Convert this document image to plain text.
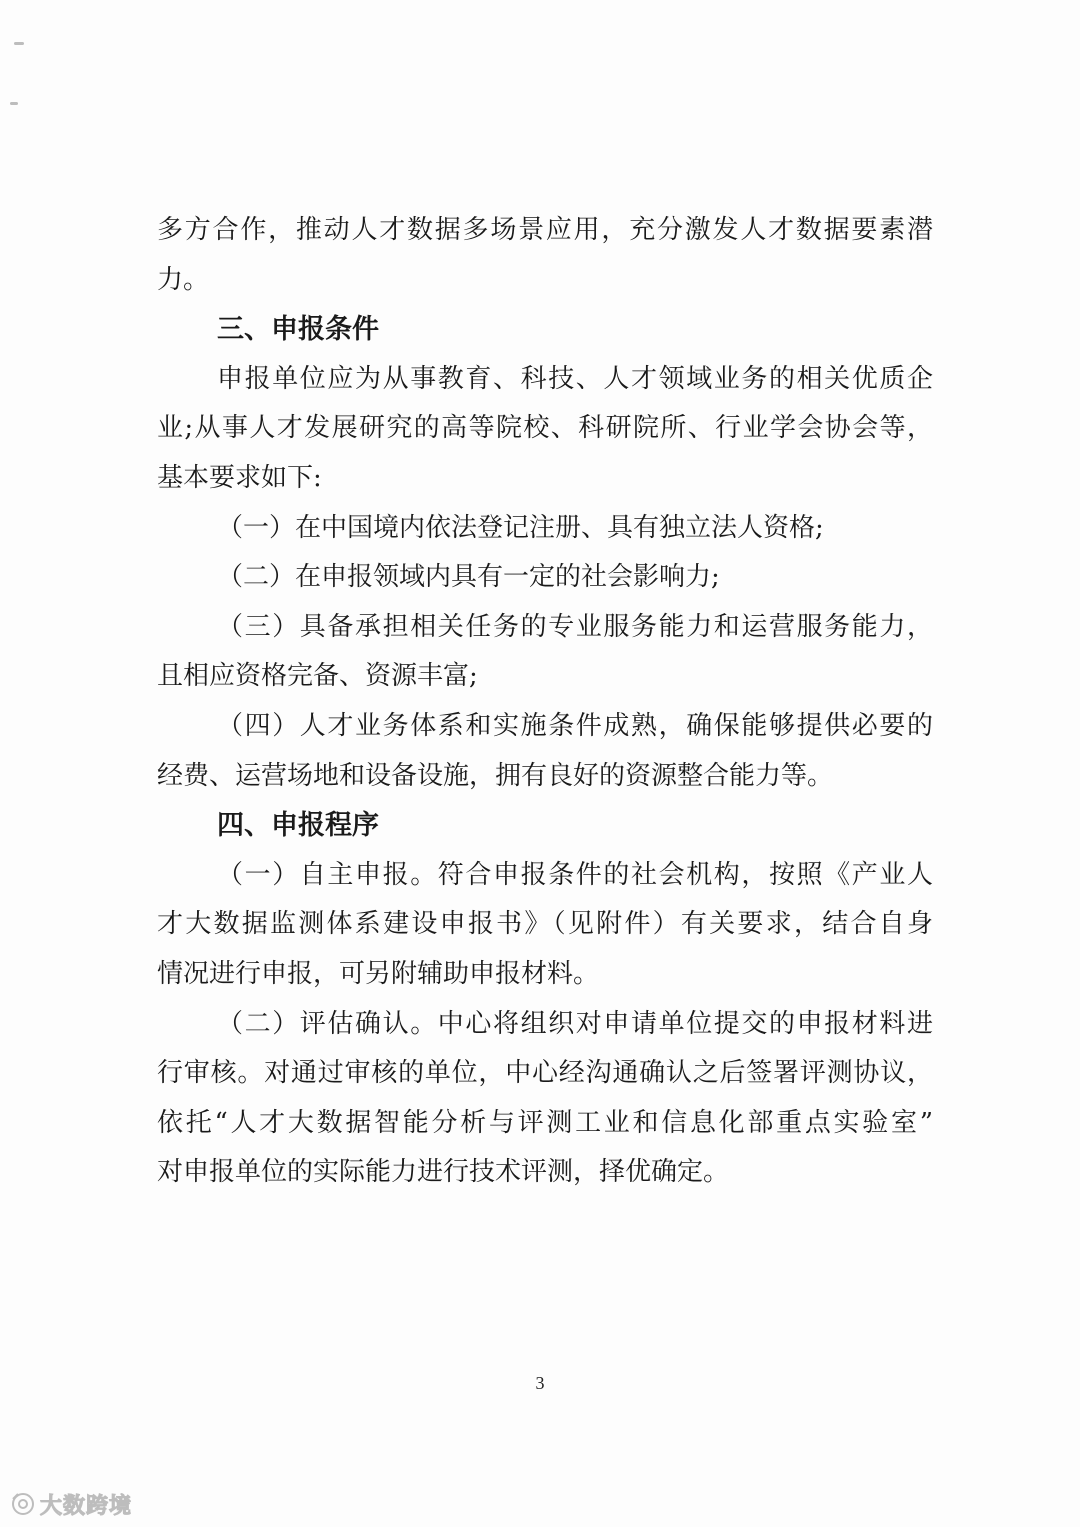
多方合作，推动人才数据多场景应用，充分激发人才数据要素潜
力。
三、申报条件
申报单位应为从事教育、科技、人才领域业务的相关优质企
业;从事人才发展研究的高等院校、科研院所、行业学会协会等，
基本要求如下:
（一）在中国境内依法登记注册、具有独立法人资格;
（二）在申报领域内具有一定的社会影响力;
（三）具备承担相关任务的专业服务能力和运营服务能力，
且相应资格完备、资源丰富;
（四）人才业务体系和实施条件成熟，确保能够提供必要的
经费、运营场地和设备设施，拥有良好的资源整合能力等。
四、申报程序
（一）自主申报。符合申报条件的社会机构，按照《产业人
才大数据监测体系建设申报书》（见附件）有关要求，结合自身
情况进行申报，可另附辅助申报材料。
（二）评估确认。中心将组织对申请单位提交的申报材料进
行审核。对通过审核的单位，中心经沟通确认之后签署评测协议，
依托“人才大数据智能分析与评测工业和信息化部重点实验室”
对申报单位的实际能力进行技术评测，择优确定。
3
大数跨境
